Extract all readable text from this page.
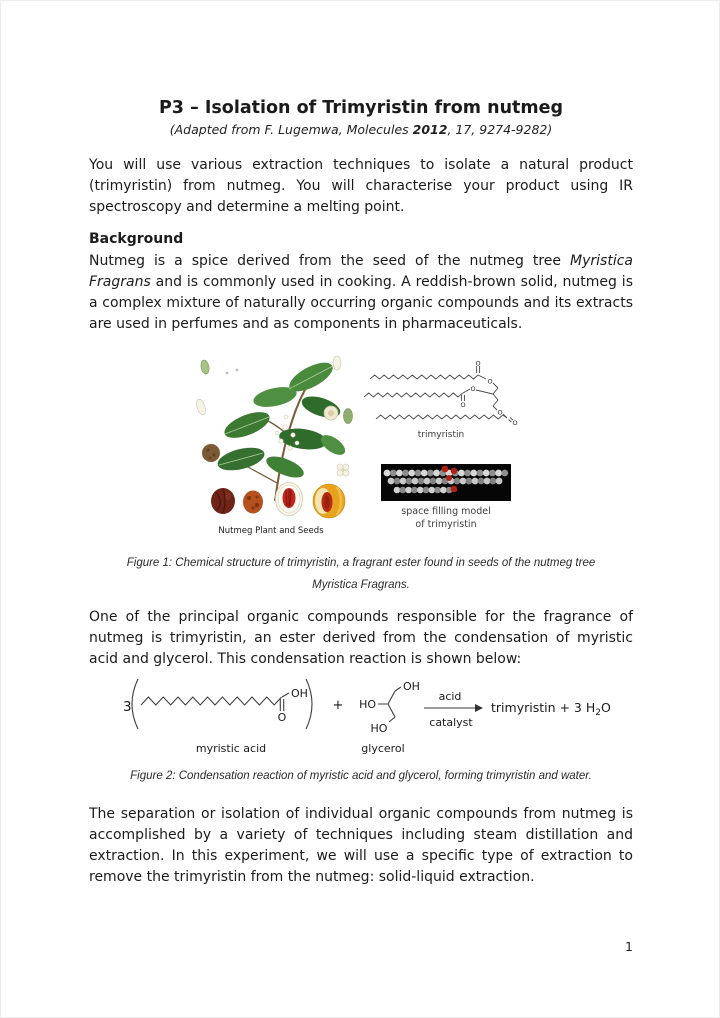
P3 – Isolation of Trimyristin from nutmeg
(Adapted from F. Lugemwa, Molecules 2012, 17, 9274-9282)

You will use various extraction techniques to isolate a natural product (trimyristin) from nutmeg. You will characterise your product using IR spectroscopy and determine a melting point.

Background

Nutmeg is a spice derived from the seed of the nutmeg tree Myristica Fragrans and is commonly used in cooking. A reddish-brown solid, nutmeg is a complex mixture of naturally occurring organic compounds and its extracts are used in perfumes and as components in pharmaceuticals.

Nutmeg Plant and Seeds
O
O
O
O
O
O
trimyristin
space filling model
of trimyristin
Figure 1: Chemical structure of trimyristin, a fragrant ester found in seeds of the nutmeg tree
Myristica Fragrans.

One of the principal organic compounds responsible for the fragrance of nutmeg is trimyristin, an ester derived from the condensation of myristic acid and glycerol. This condensation reaction is shown below:

3
OH
O
+ HO
OH
HO
acid
catalyst
trimyristin + 3 $H_2O$
myristic acid	glycerol
Figure 2: Condensation reaction of myristic acid and glycerol, forming trimyristin and water.

The separation or isolation of individual organic compounds from nutmeg is accomplished by a variety of techniques including steam distillation and extraction. In this experiment, we will use a specific type of extraction to remove the trimyristin from the nutmeg: solid-liquid extraction.

1
